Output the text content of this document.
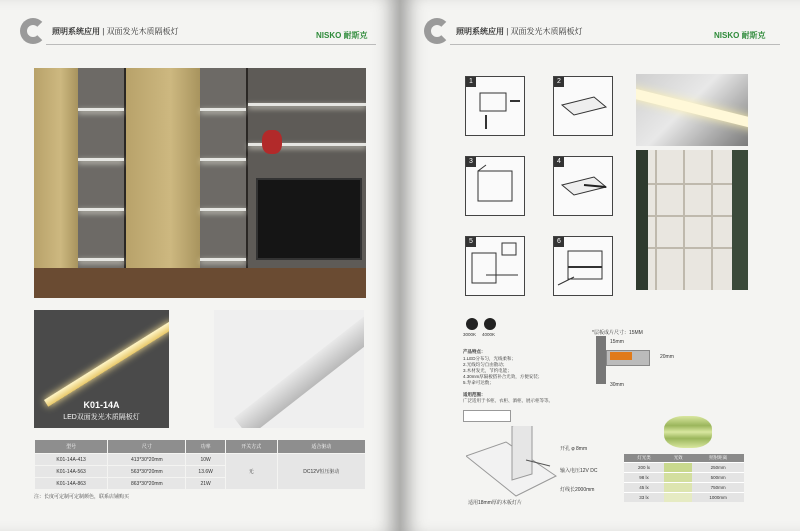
照明系统应用 | 双面发光木质隔板灯	NISKO 耐斯克
K01-14A
LED双面发光木质隔板灯
型号	尺寸	功率	开关方式	适合驱动
K01-14A-413	413*30*20mm	10W	无	DC12V恒压驱动
K01-14A-563	563*30*20mm	13.6W		
K01-14A-863	863*30*20mm	21W		
注：长度可定制可定制颜色，联系店铺购买
照明系统应用 | 双面发光木质隔板灯	NISKO 耐斯克
1	2
3	4
5	6
3000K 4000K
产品特点：
1.LED分布匀，光线柔和；
2.光线均匀自由散动；
3.木材发光，节约电能；
4.30mm厚隔板搭补合光效，方便安装；
5.寿命可达数；
适用范围：
广泛适用于书柜、衣柜、酒柜、展示柜等等。
*层板成片尺寸：15MM
15mm
20mm
30mm
开孔 φ 8mm
输入电压12V DC
灯线长2000mm
适用18mm厚的木板灯片
灯光类	光效	照射距离
200 lx		250mm
98 lx		500mm
45 lx		750mm
33 lx		1000mm
